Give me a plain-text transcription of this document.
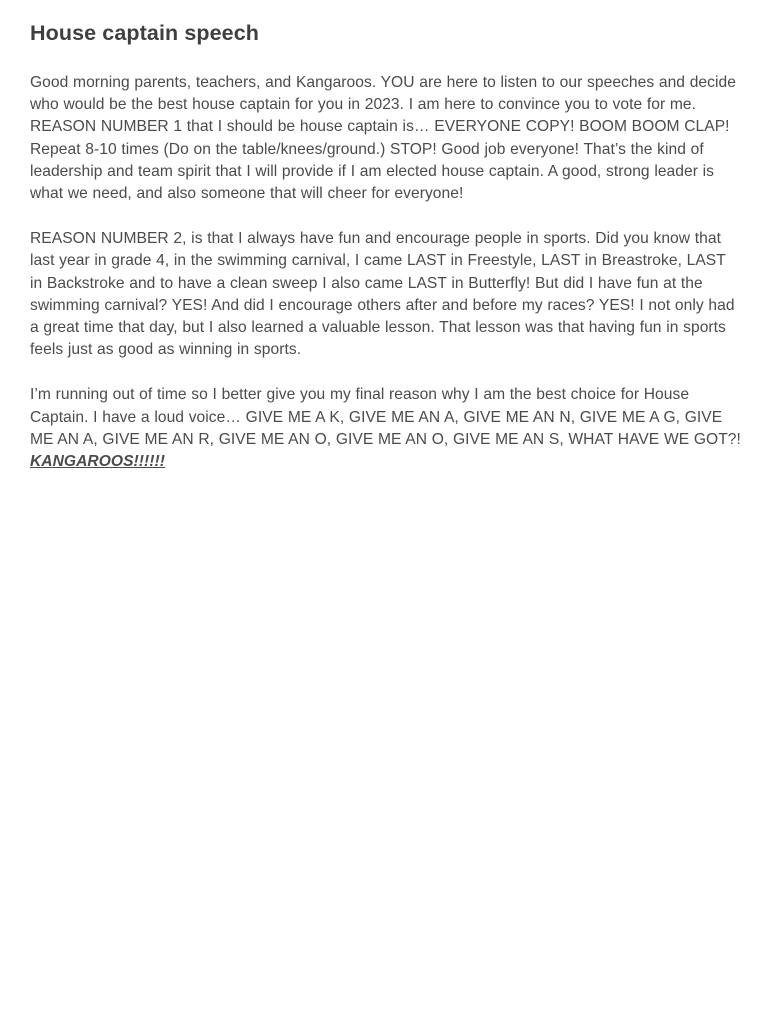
House captain speech

Good morning parents, teachers, and Kangaroos. YOU are here to listen to our speeches and decide who would be the best house captain for you in 2023. I am here to convince you to vote for me. REASON NUMBER 1 that I should be house captain is… EVERYONE COPY! BOOM BOOM CLAP! Repeat 8-10 times (Do on the table/knees/ground.) STOP! Good job everyone! That’s the kind of leadership and team spirit that I will provide if I am elected house captain. A good, strong leader is what we need, and also someone that will cheer for everyone!

REASON NUMBER 2, is that I always have fun and encourage people in sports. Did you know that last year in grade 4, in the swimming carnival, I came LAST in Freestyle, LAST in Breastroke, LAST in Backstroke and to have a clean sweep I also came LAST in Butterfly! But did I have fun at the swimming carnival? YES! And did I encourage others after and before my races? YES! I not only had a great time that day, but I also learned a valuable lesson. That lesson was that having fun in sports feels just as good as winning in sports.

I’m running out of time so I better give you my final reason why I am the best choice for House Captain. I have a loud voice… GIVE ME A K, GIVE ME AN A, GIVE ME AN N, GIVE ME A G, GIVE ME AN A, GIVE ME AN R, GIVE ME AN O, GIVE ME AN O, GIVE ME AN S, WHAT HAVE WE GOT?!
KANGAROOS!!!!!!
